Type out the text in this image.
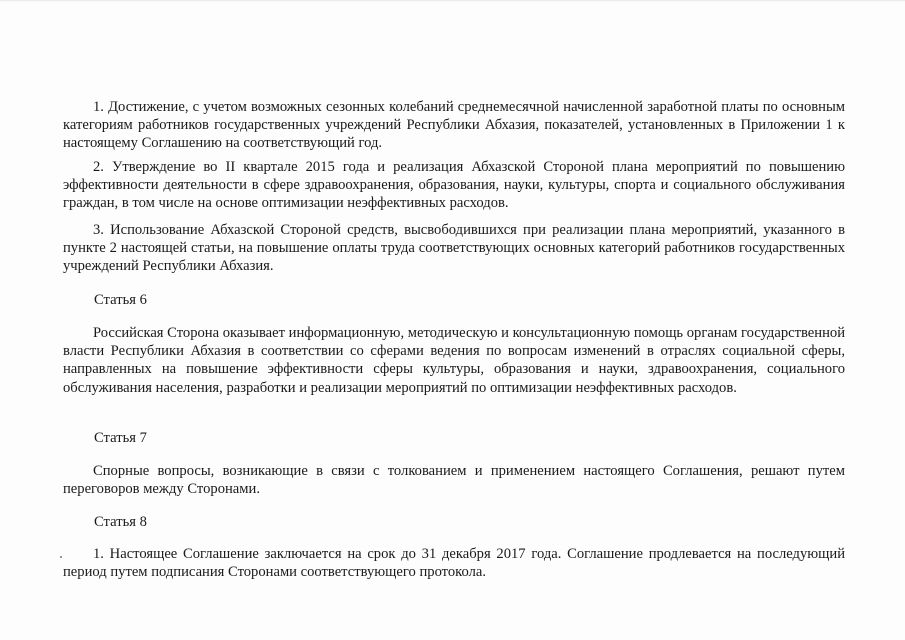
1. Достижение, с учетом возможных сезонных колебаний среднемесячной начисленной заработной платы по основным категориям работников государственных учреждений Республики Абхазия, показателей, установленных в Приложении 1 к настоящему Соглашению на соответствующий год.

2. Утверждение во II квартале 2015 года и реализация Абхазской Стороной плана мероприятий по повышению эффективности деятельности в сфере здравоохранения, образования, науки, культуры, спорта и социального обслуживания граждан, в том числе на основе оптимизации неэффективных расходов.

3. Использование Абхазской Стороной средств, высвободившихся при реализации плана мероприятий, указанного в пункте 2 настоящей статьи, на повышение оплаты труда соответствующих основных категорий работников государственных учреждений Республики Абхазия.

Статья 6

Российская Сторона оказывает информационную, методическую и консультационную помощь органам государственной власти Республики Абхазия в соответствии со сферами ведения по вопросам изменений в отраслях социальной сферы, направленных на повышение эффективности сферы культуры, образования и науки, здравоохранения, социального обслуживания населения, разработки и реализации мероприятий по оптимизации неэффективных расходов.

Статья 7

Спорные вопросы, возникающие в связи с толкованием и применением настоящего Соглашения, решают путем переговоров между Сторонами.

Статья 8

1. Настоящее Соглашение заключается на срок до 31 декабря 2017 года. Соглашение продлевается на последующий период путем подписания Сторонами соответствующего протокола.
